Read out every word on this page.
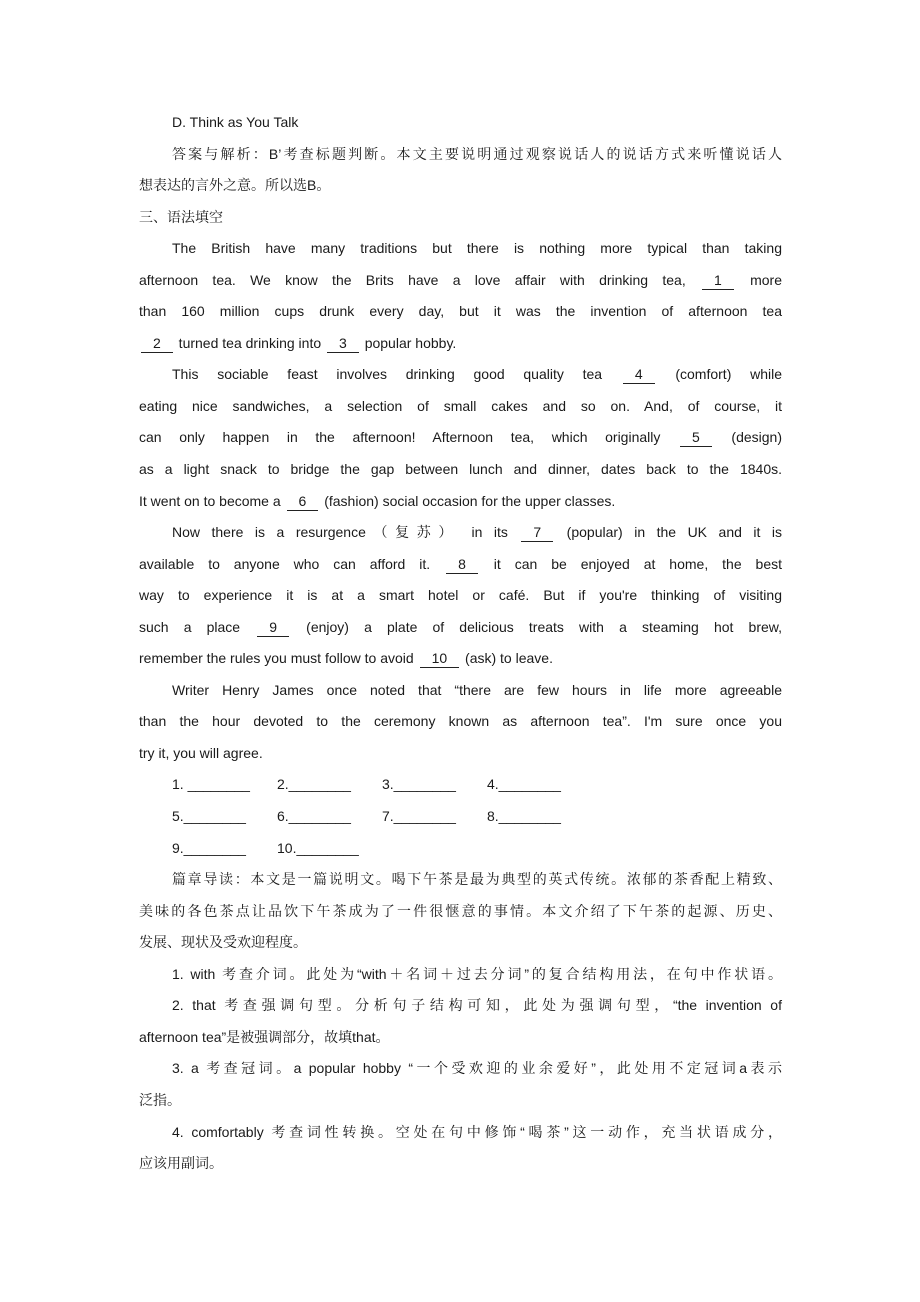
D. Think as You Talk
答案与解析：B’考查标题判断。本文主要说明通过观察说话人的说话方式来听懂说话人
想表达的言外之意。所以选B。
三、语法填空
The British have many traditions but there is nothing more typical than taking
afternoon tea. We know the Brits have a love affair with drinking tea, 1 more
than 160 million cups drunk every day, but it was the invention of afternoon tea
2 turned tea drinking into 3 popular hobby.
This sociable feast involves drinking good quality tea 4 (comfort) while
eating nice sandwiches, a selection of small cakes and so on. And, of course, it
can only happen in the afternoon! Afternoon tea, which originally 5 (design)
as a light snack to bridge the gap between lunch and dinner, dates back to the 1840s.
It went on to become a 6 (fashion) social occasion for the upper classes.
Now there is a resurgence（复苏） in its 7 (popular) in the UK and it is
available to anyone who can afford it. 8 it can be enjoyed at home, the best
way to experience it is at a smart hotel or café. But if you're thinking of visiting
such a place 9 (enjoy) a plate of delicious treats with a steaming hot brew,
remember the rules you must follow to avoid 10 (ask) to leave.
Writer Henry James once noted that “there are few hours in life more agreeable
than the hour devoted to the ceremony known as afternoon tea”. I'm sure once you
try it, you will agree.
1. ________ 2.________ 3.________ 4.________
5.________ 6.________ 7.________ 8.________
9.________ 10.________
篇章导读：本文是一篇说明文。喝下午茶是最为典型的英式传统。浓郁的茶香配上精致、
美味的各色茶点让品饮下午茶成为了一件很惬意的事情。本文介绍了下午茶的起源、历史、
发展、现状及受欢迎程度。
1. with 考查介词。此处为“with＋名词＋过去分词”的复合结构用法，在句中作状语。
2. that 考查强调句型。分析句子结构可知，此处为强调句型，“the invention of
afternoon tea”是被强调部分，故填that。
3. a 考查冠词。a popular hobby “一个受欢迎的业余爱好”，此处用不定冠词a表示
泛指。
4. comfortably 考查词性转换。空处在句中修饰“喝茶”这一动作，充当状语成分，
应该用副词。
